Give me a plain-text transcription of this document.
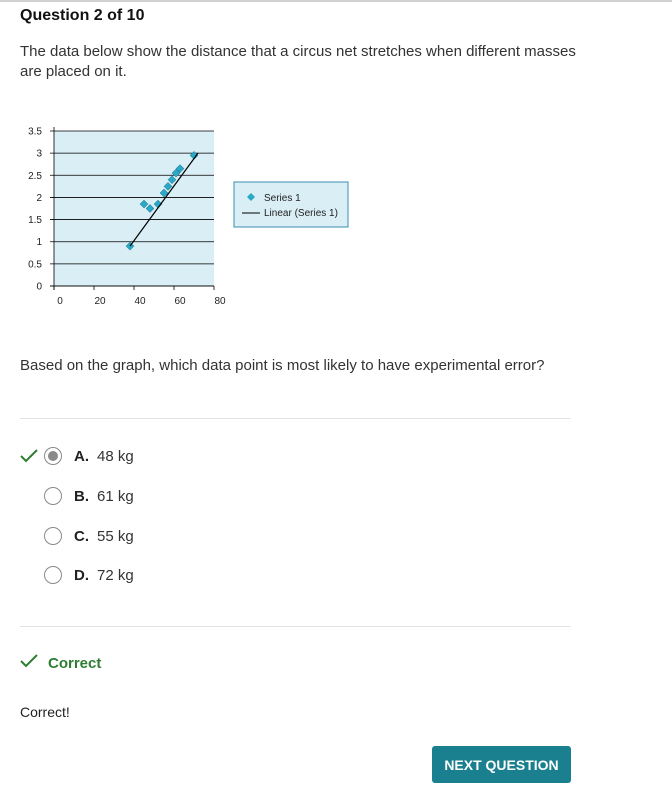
Question 2 of 10
The data below show the distance that a circus net stretches when different masses are placed on it.
0
0.5
1
1.5
2
2.5
3
3.5
0	20	40	60	80
Series 1
Linear (Series 1)
Based on the graph, which data point is most likely to have experimental error?
A. 48 kg
B. 61 kg
C. 55 kg
D. 72 kg
Correct
Correct!
NEXT QUESTION
